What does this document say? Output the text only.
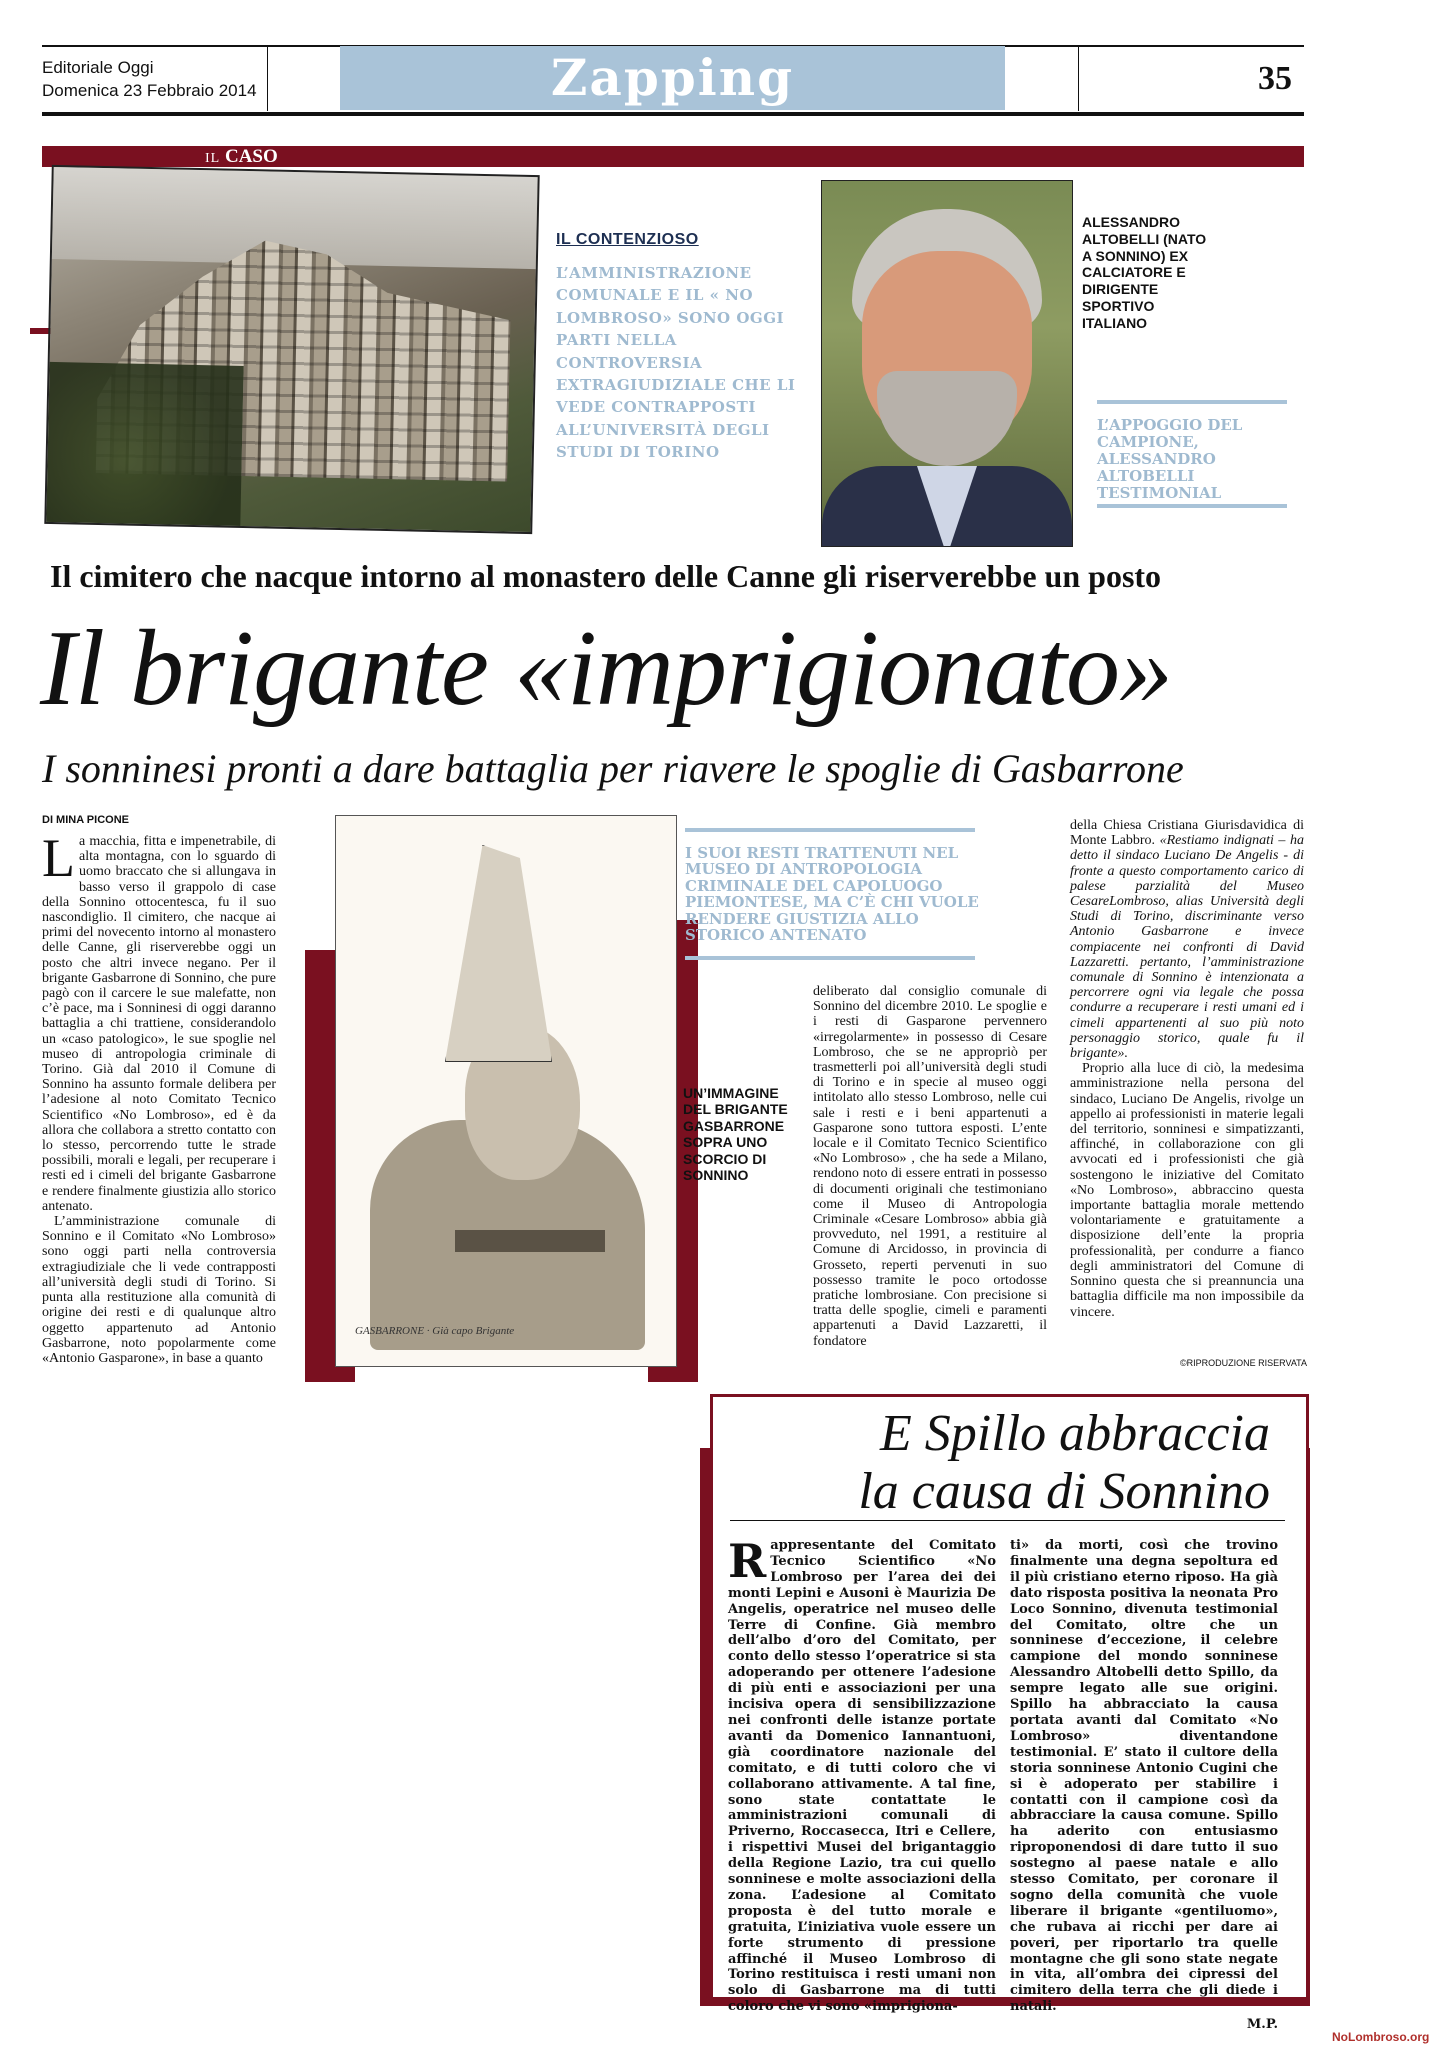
Editoriale Oggi
Domenica 23 Febbraio 2014	Zapping	35
IL CASO
IL CONTENZIOSO
L’AMMINISTRAZIONE COMUNALE E IL « NO LOMBROSO» SONO OGGI PARTI NELLA CONTROVERSIA EXTRAGIUDIZIALE CHE LI VEDE CONTRAPPOSTI ALL’UNIVERSITÀ DEGLI STUDI DI TORINO
ALESSANDRO ALTOBELLI (NATO A SONNINO) EX CALCIATORE E DIRIGENTE SPORTIVO ITALIANO
L’APPOGGIO DEL CAMPIONE, ALESSANDRO ALTOBELLI TESTIMONIAL
Il cimitero che nacque intorno al monastero delle Canne gli riserverebbe un posto
Il brigante «imprigionato»
I sonninesi pronti a dare battaglia per riavere le spoglie di Gasbarrone
DI MINA PICONE

La macchia, fitta e impenetrabile, di alta montagna, con lo sguardo di uomo braccato che si allungava in basso verso il grappolo di case della Sonnino ottocentesca, fu il suo nascondiglio. Il cimitero, che nacque ai primi del novecento intorno al monastero delle Canne, gli riserverebbe oggi un posto che altri invece negano. Per il brigante Gasbarrone di Sonnino, che pure pagò con il carcere le sue malefatte, non c’è pace, ma i Sonninesi di oggi daranno battaglia a chi trattiene, considerandolo un «caso patologico», le sue spoglie nel museo di antropologia criminale di Torino. Già dal 2010 il Comune di Sonnino ha assunto formale delibera per l’adesione al noto Comitato Tecnico Scientifico «No Lombroso», ed è da allora che collabora a stretto contatto con lo stesso, percorrendo tutte le strade possibili, morali e legali, per recuperare i resti ed i cimeli del brigante Gasbarrone e rendere finalmente giustizia allo storico antenato.

L’amministrazione comunale di Sonnino e il Comitato «No Lombroso» sono oggi parti nella controversia extragiudiziale che li vede contrapposti all’università degli studi di Torino. Si punta alla restituzione alla comunità di origine dei resti e di qualunque altro oggetto appartenuto ad Antonio Gasbarrone, noto popolarmente come «Antonio Gasparone», in base a quanto

GASBARRONE · Già capo Brigante
UN’IMMAGINE DEL BRIGANTE GASBARRONE SOPRA UNO SCORCIO DI SONNINO
I SUOI RESTI TRATTENUTI NEL MUSEO DI ANTROPOLOGIA CRIMINALE DEL CAPOLUOGO PIEMONTESE, MA C’È CHI VUOLE RENDERE GIUSTIZIA ALLO STORICO ANTENATO

deliberato dal consiglio comunale di Sonnino del dicembre 2010. Le spoglie e i resti di Gasparone pervennero «irregolarmente» in possesso di Cesare Lombroso, che se ne appropriò per trasmetterli poi all’università degli studi di Torino e in specie al museo oggi intitolato allo stesso Lombroso, nelle cui sale i resti e i beni appartenuti a Gasparone sono tuttora esposti. L’ente locale e il Comitato Tecnico Scientifico «No Lombroso» , che ha sede a Milano, rendono noto di essere entrati in possesso di documenti originali che testimoniano come il Museo di Antropologia Criminale «Cesare Lombroso» abbia già provveduto, nel 1991, a restituire al Comune di Arcidosso, in provincia di Grosseto, reperti pervenuti in suo possesso tramite le poco ortodosse pratiche lombrosiane. Con precisione si tratta delle spoglie, cimeli e paramenti appartenuti a David Lazzaretti, il fondatore

della Chiesa Cristiana Giurisdavidica di Monte Labbro. «Restiamo indignati – ha detto il sindaco Luciano De Angelis - di fronte a questo comportamento carico di palese parzialità del Museo CesareLombroso, alias Università degli Studi di Torino, discriminante verso Antonio Gasbarrone e invece compiacente nei confronti di David Lazzaretti. pertanto, l’amministrazione comunale di Sonnino è intenzionata a percorrere ogni via legale che possa condurre a recuperare i resti umani ed i cimeli appartenenti al suo più noto personaggio storico, quale fu il brigante».

Proprio alla luce di ciò, la medesima amministrazione nella persona del sindaco, Luciano De Angelis, rivolge un appello ai professionisti in materie legali del territorio, sonninesi e simpatizzanti, affinché, in collaborazione con gli avvocati ed i professionisti che già sostengono le iniziative del Comitato «No Lombroso», abbraccino questa importante battaglia morale mettendo volontariamente e gratuitamente a disposizione dell’ente la propria professionalità, per condurre a fianco degli amministratori del Comune di Sonnino questa che si preannuncia una battaglia difficile ma non impossibile da vincere.

©RIPRODUZIONE RISERVATA
E Spillo abbraccia
la causa di Sonnino
Rappresentante del Comitato Tecnico Scientifico «No Lombroso per l’area dei dei monti Lepini e Ausoni è Maurizia De Angelis, operatrice nel museo delle Terre di Confine. Già membro dell’albo d’oro del Comitato, per conto dello stesso l’operatrice si sta adoperando per ottenere l’adesione di più enti e associazioni per una incisiva opera di sensibilizzazione nei confronti delle istanze portate avanti da Domenico Iannantuoni, già coordinatore nazionale del comitato, e di tutti coloro che vi collaborano attivamente. A tal fine, sono state contattate le amministrazioni comunali di Priverno, Roccasecca, Itri e Cellere, i rispettivi Musei del brigantaggio della Regione Lazio, tra cui quello sonninese e molte associazioni della zona. L’adesione al Comitato proposta è del tutto morale e gratuita, L’iniziativa vuole essere un forte strumento di pressione affinché il Museo Lombroso di Torino restituisca i resti umani non solo di Gasbarrone ma di tutti coloro che vi sono «imprigiona-
ti» da morti, così che trovino finalmente una degna sepoltura ed il più cristiano eterno riposo. Ha già dato risposta positiva la neonata Pro Loco Sonnino, divenuta testimonial del Comitato, oltre che un sonninese d’eccezione, il celebre campione del mondo sonninese Alessandro Altobelli detto Spillo, da sempre legato alle sue origini. Spillo ha abbracciato la causa portata avanti dal Comitato «No Lombroso» diventandone testimonial. E’ stato il cultore della storia sonninese Antonio Cugini che si è adoperato per stabilire i contatti con il campione così da abbracciare la causa comune. Spillo ha aderito con entusiasmo riproponendosi di dare tutto il suo sostegno al paese natale e allo stesso Comitato, per coronare il sogno della comunità che vuole liberare il brigante «gentiluomo», che rubava ai ricchi per dare ai poveri, per riportarlo tra quelle montagne che gli sono state negate in vita, all’ombra dei cipressi del cimitero della terra che gli diede i natali.
M.P.
NoLombroso.org
